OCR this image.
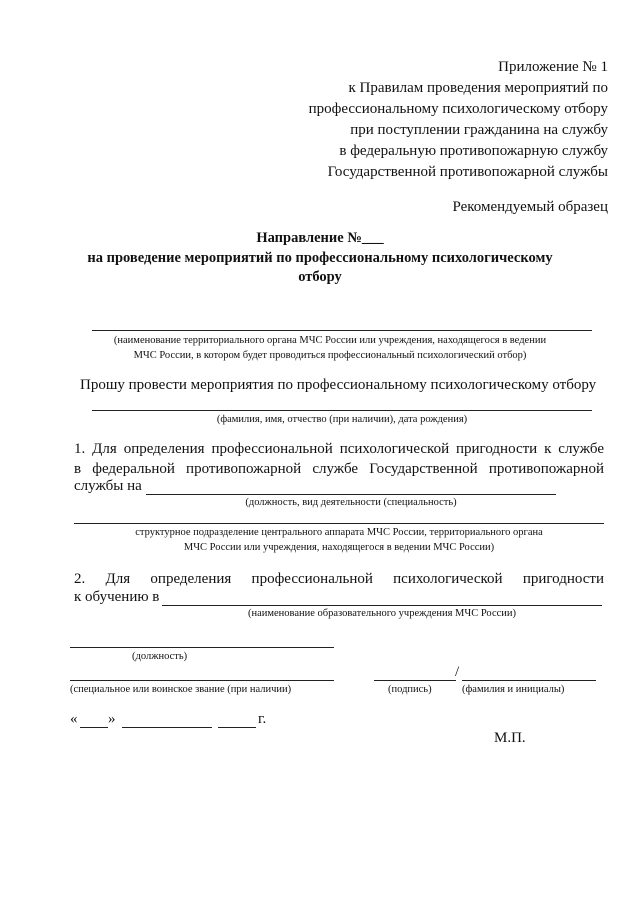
Приложение № 1
к Правилам проведения мероприятий по
профессиональному психологическому отбору
при поступлении гражданина на службу
в федеральную противопожарную службу
Государственной противопожарной службы
Рекомендуемый образец
Направление №___
на проведение мероприятий по профессиональному психологическому
отбору
(наименование территориального органа МЧС России или учреждения, находящегося в ведении
МЧС России, в котором будет проводиться профессиональный психологический отбор)
Прошу провести мероприятия по профессиональному психологическому отбору
(фамилия, имя, отчество (при наличии), дата рождения)
1. Для определения профессиональной психологической пригодности к службе
в федеральной противопожарной службе Государственной противопожарной
службы на
(должность, вид деятельности (специальность)
структурное подразделение центрального аппарата МЧС России, территориального органа
МЧС России или учреждения, находящегося в ведении МЧС России)
2. Для определения профессиональной психологической пригодности
к обучению в
(наименование образовательного учреждения МЧС России)
(должность)
(специальное или воинское звание (при наличии)
/
(подпись)	(фамилия и инициалы)
« »	г.
М.П.
